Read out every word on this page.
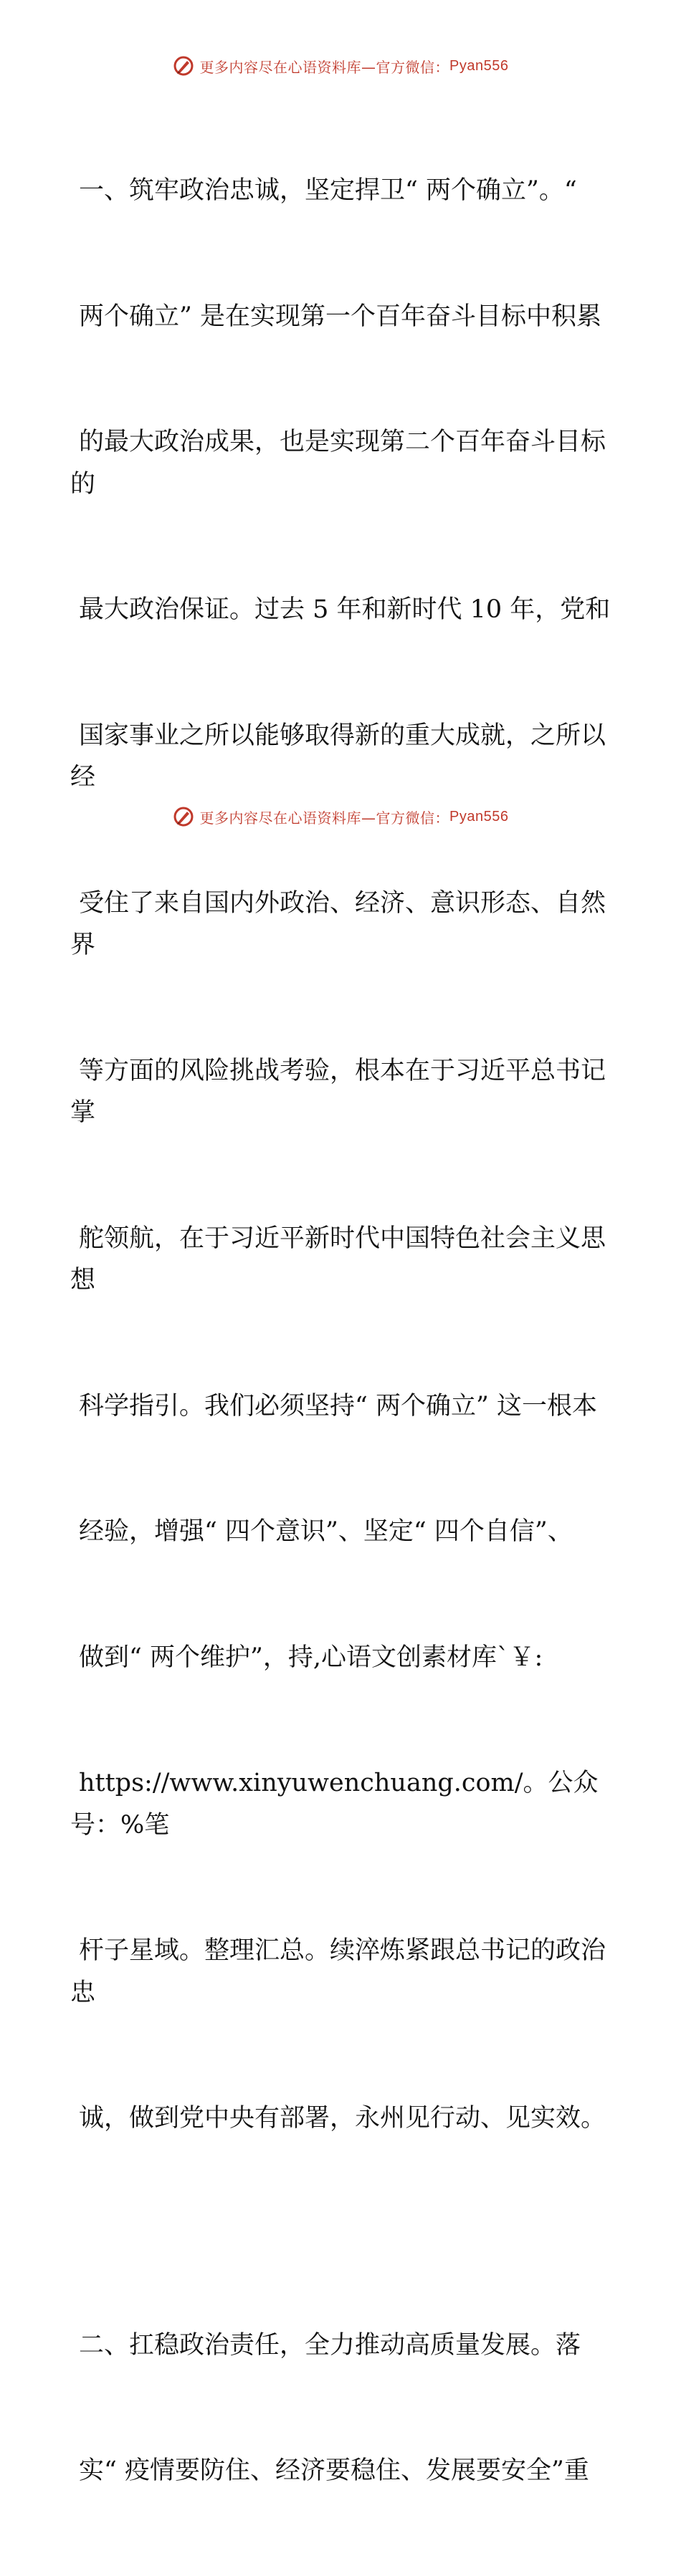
更多内容尽在心语资料库—官方微信： Pyan556

一、筑牢政治忠诚，坚定捍卫“ 两个确立”。“

两个确立” 是在实现第一个百年奋斗目标中积累

的最大政治成果，也是实现第二个百年奋斗目标的

最大政治保证。过去 5 年和新时代 10 年，党和

国家事业之所以能够取得新的重大成就，之所以经

受住了来自国内外政治、经济、意识形态、自然界

等方面的风险挑战考验，根本在于习近平总书记掌

舵领航，在于习近平新时代中国特色社会主义思想

科学指引。我们必须坚持“ 两个确立” 这一根本

经验，增强“ 四个意识”、坚定“ 四个自信”、

做到“ 两个维护”，持,心语文创素材库`￥:

https://www.xinyuwenchuang.com/。公众号：%笔

杆子星域。整理汇总。续淬炼紧跟总书记的政治忠

诚，做到党中央有部署，永州见行动、见实效。

二、扛稳政治责任，全力推动高质量发展。落

实“ 疫情要防住、经济要稳住、发展要安全”重

更多内容尽在心语资料库—官方微信： Pyan556
